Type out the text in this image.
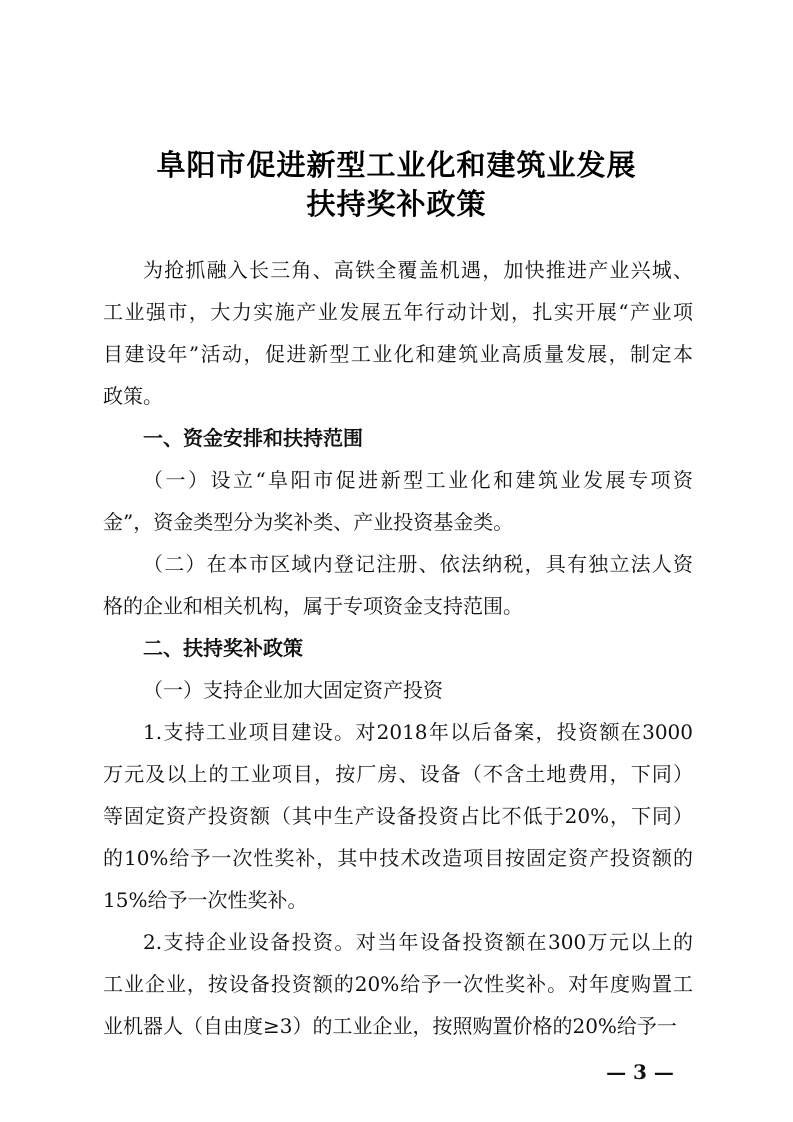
阜阳市促进新型工业化和建筑业发展
扶持奖补政策
为抢抓融入长三角、高铁全覆盖机遇，加快推进产业兴城、
工业强市，大力实施产业发展五年行动计划，扎实开展“产业项
目建设年”活动，促进新型工业化和建筑业高质量发展，制定本
政策。
一、资金安排和扶持范围
（一）设立“阜阳市促进新型工业化和建筑业发展专项资
金”，资金类型分为奖补类、产业投资基金类。
（二）在本市区域内登记注册、依法纳税，具有独立法人资
格的企业和相关机构，属于专项资金支持范围。
二、扶持奖补政策
（一）支持企业加大固定资产投资
1.支持工业项目建设。对2018年以后备案，投资额在3000
万元及以上的工业项目，按厂房、设备（不含土地费用，下同）
等固定资产投资额（其中生产设备投资占比不低于20%，下同）
的10%给予一次性奖补，其中技术改造项目按固定资产投资额的
15%给予一次性奖补。
2.支持企业设备投资。对当年设备投资额在300万元以上的
工业企业，按设备投资额的20%给予一次性奖补。对年度购置工
业机器人（自由度≥3）的工业企业，按照购置价格的20%给予一
— 3 —
